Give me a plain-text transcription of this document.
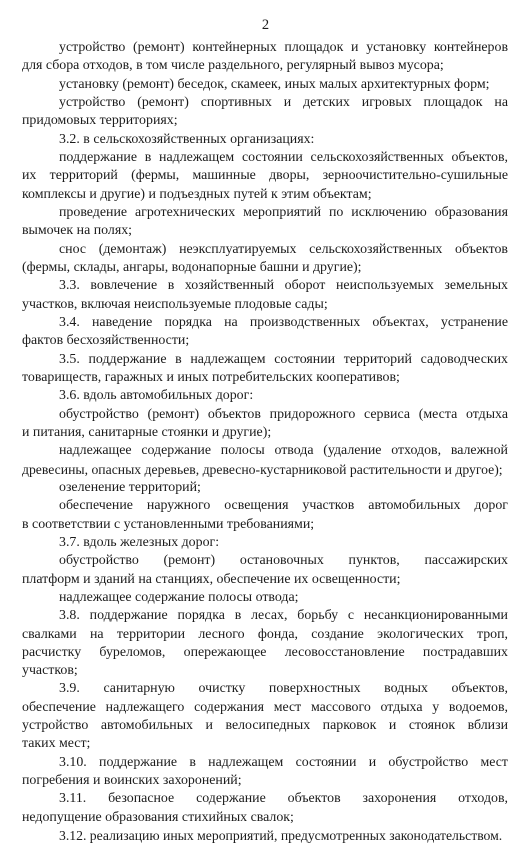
2
устройство (ремонт) контейнерных площадок и установку контейнеров
для сбора отходов, в том числе раздельного, регулярный вывоз мусора;
установку (ремонт) беседок, скамеек, иных малых архитектурных форм;
устройство (ремонт) спортивных и детских игровых площадок на
придомовых территориях;
3.2. в сельскохозяйственных организациях:
поддержание в надлежащем состоянии сельскохозяйственных объектов,
их территорий (фермы, машинные дворы, зерноочистительно-сушильные
комплексы и другие) и подъездных путей к этим объектам;
проведение агротехнических мероприятий по исключению образования
вымочек на полях;
снос (демонтаж) неэксплуатируемых сельскохозяйственных объектов
(фермы, склады, ангары, водонапорные башни и другие);
3.3. вовлечение в хозяйственный оборот неиспользуемых земельных
участков, включая неиспользуемые плодовые сады;
3.4. наведение порядка на производственных объектах, устранение
фактов бесхозяйственности;
3.5. поддержание в надлежащем состоянии территорий садоводческих
товариществ, гаражных и иных потребительских кооперативов;
3.6. вдоль автомобильных дорог:
обустройство (ремонт) объектов придорожного сервиса (места отдыха
и питания, санитарные стоянки и другие);
надлежащее содержание полосы отвода (удаление отходов, валежной
древесины, опасных деревьев, древесно-кустарниковой растительности и другое);
озеленение территорий;
обеспечение наружного освещения участков автомобильных дорог
в соответствии с установленными требованиями;
3.7. вдоль железных дорог:
обустройство (ремонт) остановочных пунктов, пассажирских
платформ и зданий на станциях, обеспечение их освещенности;
надлежащее содержание полосы отвода;
3.8. поддержание порядка в лесах, борьбу с несанкционированными
свалками на территории лесного фонда, создание экологических троп,
расчистку буреломов, опережающее лесовосстановление пострадавших
участков;
3.9. санитарную очистку поверхностных водных объектов,
обеспечение надлежащего содержания мест массового отдыха у водоемов,
устройство автомобильных и велосипедных парковок и стоянок вблизи
таких мест;
3.10. поддержание в надлежащем состоянии и обустройство мест
погребения и воинских захоронений;
3.11. безопасное содержание объектов захоронения отходов,
недопущение образования стихийных свалок;
3.12. реализацию иных мероприятий, предусмотренных законодательством.
